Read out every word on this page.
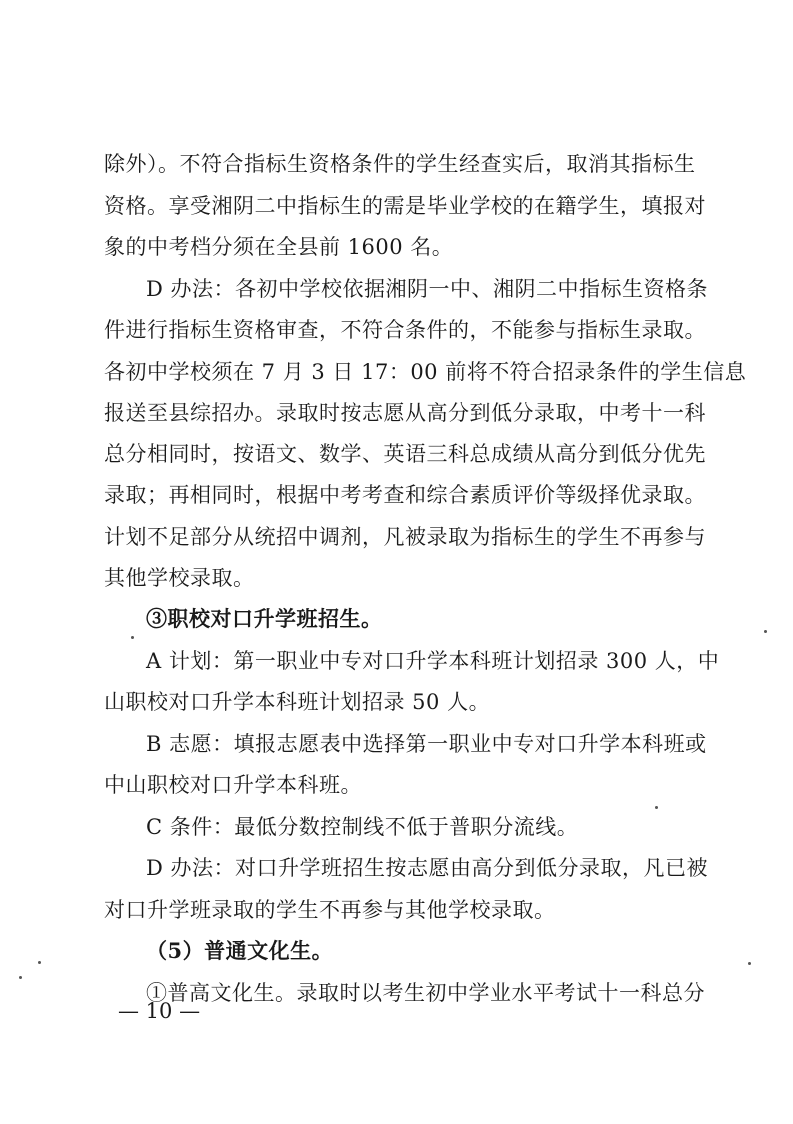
除外）。不符合指标生资格条件的学生经查实后，取消其指标生
资格。享受湘阴二中指标生的需是毕业学校的在籍学生，填报对
象的中考档分须在全县前 1600 名。
D 办法：各初中学校依据湘阴一中、湘阴二中指标生资格条
件进行指标生资格审查，不符合条件的，不能参与指标生录取。
各初中学校须在 7 月 3 日 17：00 前将不符合招录条件的学生信息
报送至县综招办。录取时按志愿从高分到低分录取，中考十一科
总分相同时，按语文、数学、英语三科总成绩从高分到低分优先
录取；再相同时，根据中考考查和综合素质评价等级择优录取。
计划不足部分从统招中调剂，凡被录取为指标生的学生不再参与
其他学校录取。
③职校对口升学班招生。
A 计划：第一职业中专对口升学本科班计划招录 300 人，中
山职校对口升学本科班计划招录 50 人。
B 志愿：填报志愿表中选择第一职业中专对口升学本科班或
中山职校对口升学本科班。
C 条件：最低分数控制线不低于普职分流线。
D 办法：对口升学班招生按志愿由高分到低分录取，凡已被
对口升学班录取的学生不再参与其他学校录取。
（5）普通文化生。
①普高文化生。录取时以考生初中学业水平考试十一科总分
— 10 —
